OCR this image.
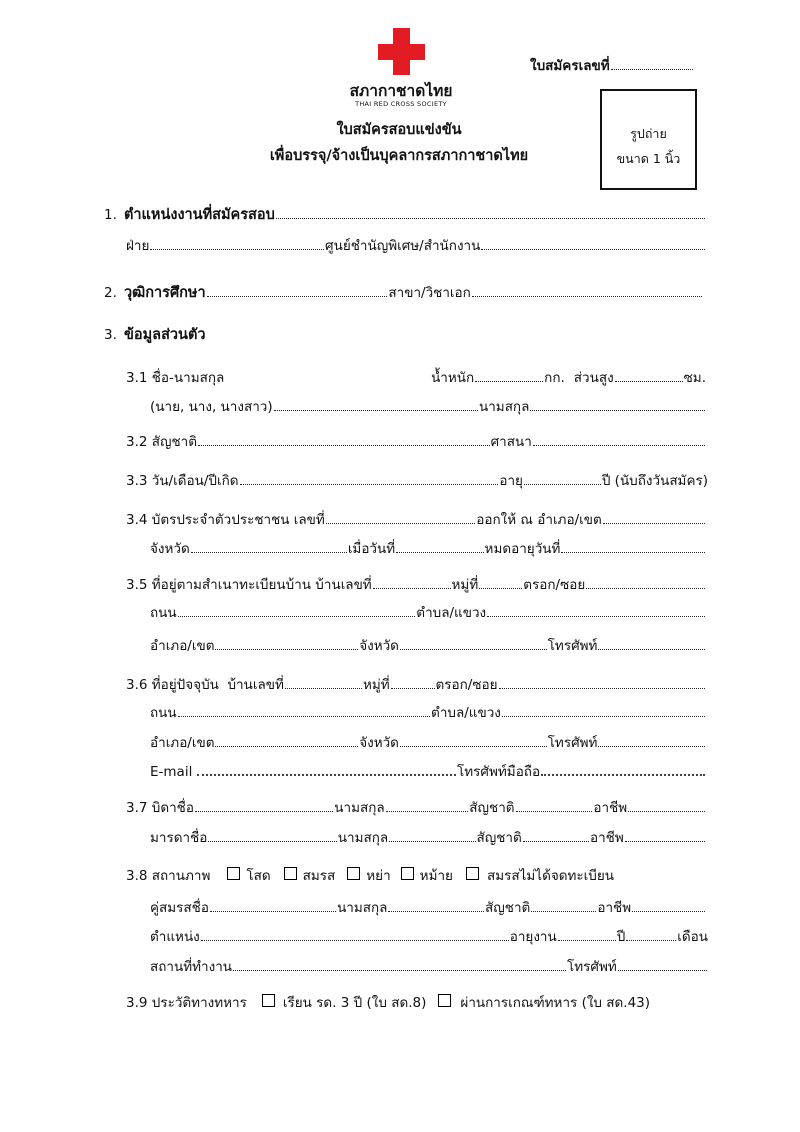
สภากาชาดไทย
THAI RED CROSS SOCIETY
ใบสมัครเลขที่
รูปถ่าย
ขนาด 1 นิ้ว
ใบสมัครสอบแข่งขัน
เพื่อบรรจุ/จ้างเป็นบุคลากรสภากาชาดไทย
1. ตำแหน่งงานที่สมัครสอบ
ฝ่าย	ศูนย์ชำนัญพิเศษ/สำนักงาน
2. วุฒิการศึกษา	สาขา/วิชาเอก
3. ข้อมูลส่วนตัว
3.1 ชื่อ-นามสกุล	น้ำหนัก	กก. ส่วนสูง	ซม.
(นาย, นาง, นางสาว)	นามสกุล
3.2 สัญชาติ	ศาสนา
3.3 วัน/เดือน/ปีเกิด	อายุ	ปี (นับถึงวันสมัคร)
3.4 บัตรประจำตัวประชาชน เลขที่	ออกให้ ณ อำเภอ/เขต
จังหวัด	เมื่อวันที่	หมดอายุวันที่
3.5 ที่อยู่ตามสำเนาทะเบียนบ้าน บ้านเลขที่	หมู่ที่	ตรอก/ซอย
ถนน	ตำบล/แขวง
อำเภอ/เขต	จังหวัด	โทรศัพท์
3.6 ที่อยู่ปัจจุบัน  บ้านเลขที่	หมู่ที่	ตรอก/ซอย
ถนน	ตำบล/แขวง
อำเภอ/เขต	จังหวัด	โทรศัพท์
E-mail	โทรศัพท์มือถือ
3.7 บิดาชื่อ	นามสกุล	สัญชาติ	อาชีพ
มารดาชื่อ	นามสกุล	สัญชาติ	อาชีพ
3.8 สถานภาพ	โสด สมรส หย่า หม้าย	สมรสไม่ได้จดทะเบียน
คู่สมรสชื่อ	นามสกุล	สัญชาติ	อาชีพ
ตำแหน่ง	อายุงาน	ปี	เดือน
สถานที่ทำงาน	โทรศัพท์
3.9 ประวัติทางทหาร	เรียน รด. 3 ปี (ใบ สด.8)	ผ่านการเกณฑ์ทหาร (ใบ สด.43)
